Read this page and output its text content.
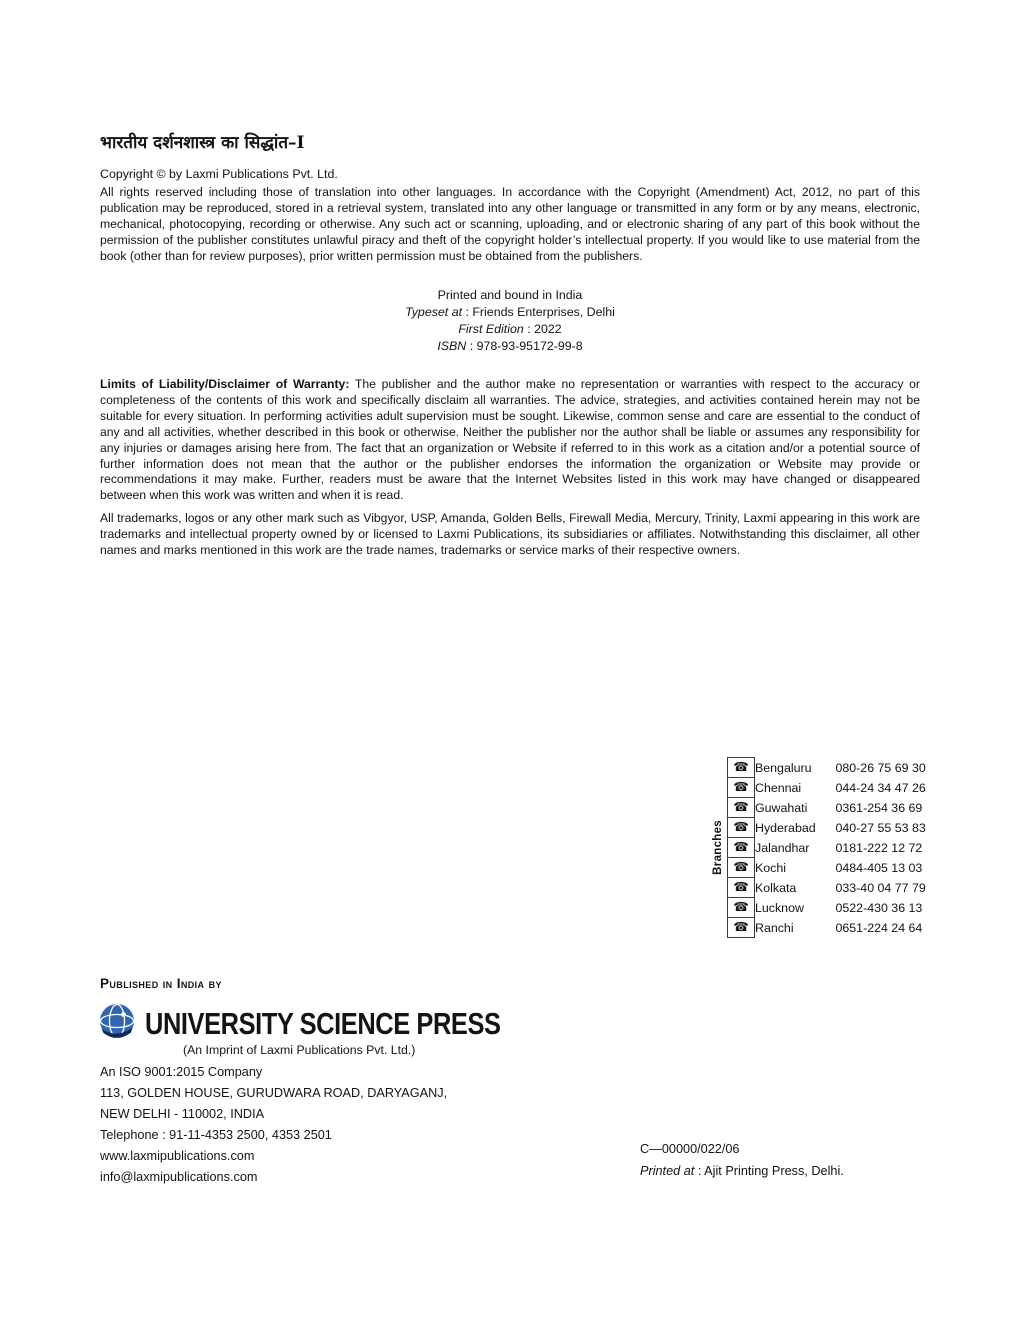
भारतीय दर्शनशास्त्र का सिद्धांत–I
Copyright © by Laxmi Publications Pvt. Ltd.
All rights reserved including those of translation into other languages. In accordance with the Copyright (Amendment) Act, 2012, no part of this publication may be reproduced, stored in a retrieval system, translated into any other language or transmitted in any form or by any means, electronic, mechanical, photocopying, recording or otherwise. Any such act or scanning, uploading, and or electronic sharing of any part of this book without the permission of the publisher constitutes unlawful piracy and theft of the copyright holder’s intellectual property. If you would like to use material from the book (other than for review purposes), prior written permission must be obtained from the publishers.
Printed and bound in India
Typeset at : Friends Enterprises, Delhi
First Edition : 2022
ISBN : 978-93-95172-99-8
Limits of Liability/Disclaimer of Warranty: The publisher and the author make no representation or warranties with respect to the accuracy or completeness of the contents of this work and specifically disclaim all warranties. The advice, strategies, and activities contained herein may not be suitable for every situation. In performing activities adult supervision must be sought. Likewise, common sense and care are essential to the conduct of any and all activities, whether described in this book or otherwise. Neither the publisher nor the author shall be liable or assumes any responsibility for any injuries or damages arising here from. The fact that an organization or Website if referred to in this work as a citation and/or a potential source of further information does not mean that the author or the publisher endorses the information the organization or Website may provide or recommendations it may make. Further, readers must be aware that the Internet Websites listed in this work may have changed or disappeared between when this work was written and when it is read.
All trademarks, logos or any other mark such as Vibgyor, USP, Amanda, Golden Bells, Firewall Media, Mercury, Trinity, Laxmi appearing in this work are trademarks and intellectual property owned by or licensed to Laxmi Publications, its subsidiaries or affiliates. Notwithstanding this disclaimer, all other names and marks mentioned in this work are the trade names, trademarks or service marks of their respective owners.
Branches
☎	Bengaluru	080-26 75 69 30
☎	Chennai	044-24 34 47 26
☎	Guwahati	0361-254 36 69
☎	Hyderabad	040-27 55 53 83
☎	Jalandhar	0181-222 12 72
☎	Kochi	0484-405 13 03
☎	Kolkata	033-40 04 77 79
☎	Lucknow	0522-430 36 13
☎	Ranchi	0651-224 24 64
Published in India by
UNIVERSITY SCIENCE PRESS
(An Imprint of Laxmi Publications Pvt. Ltd.)
An ISO 9001:2015 Company
113, GOLDEN HOUSE, GURUDWARA ROAD, DARYAGANJ,
NEW DELHI - 110002, INDIA
Telephone : 91-11-4353 2500, 4353 2501
www.laxmipublications.com
info@laxmipublications.com
C—00000/022/06
Printed at : Ajit Printing Press, Delhi.
